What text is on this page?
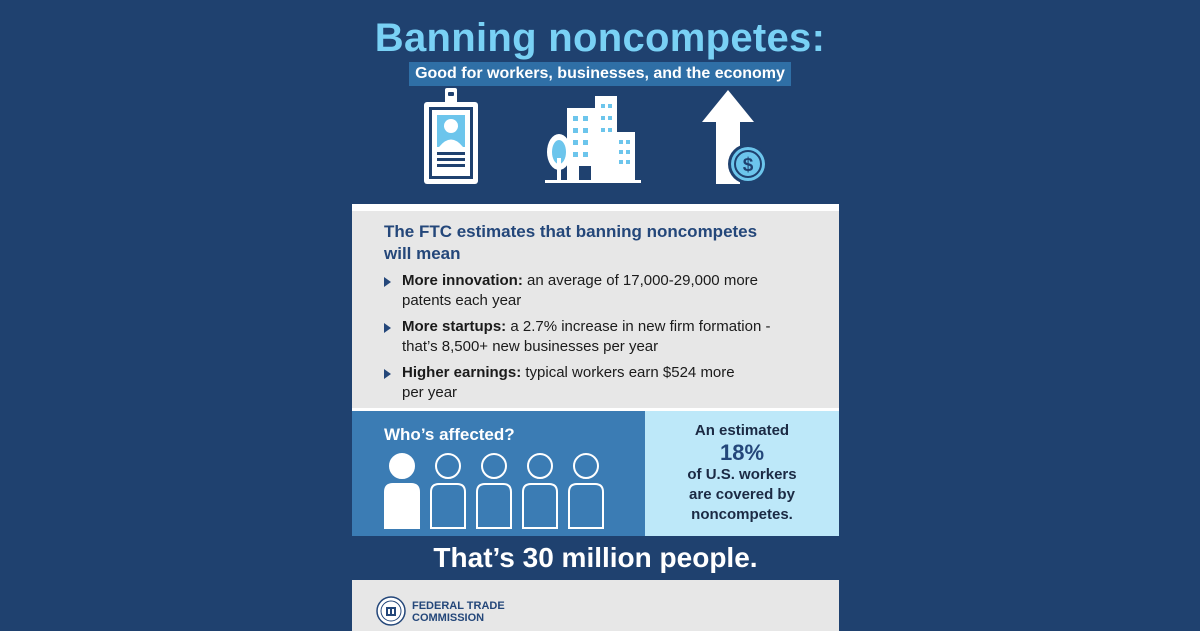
Banning noncompetes:
Good for workers, businesses, and the economy
$
The FTC estimates that banning noncompetes
will mean
More innovation: an average of 17,000-29,000 more
patents each year
More startups: a 2.7% increase in new firm formation -
that’s 8,500+ new businesses per year
Higher earnings: typical workers earn $524 more
per year
Who’s affected?	An estimated
18%
of U.S. workers
are covered by
noncompetes.
That’s 30 million people.
FEDERAL TRADE
COMMISSION
